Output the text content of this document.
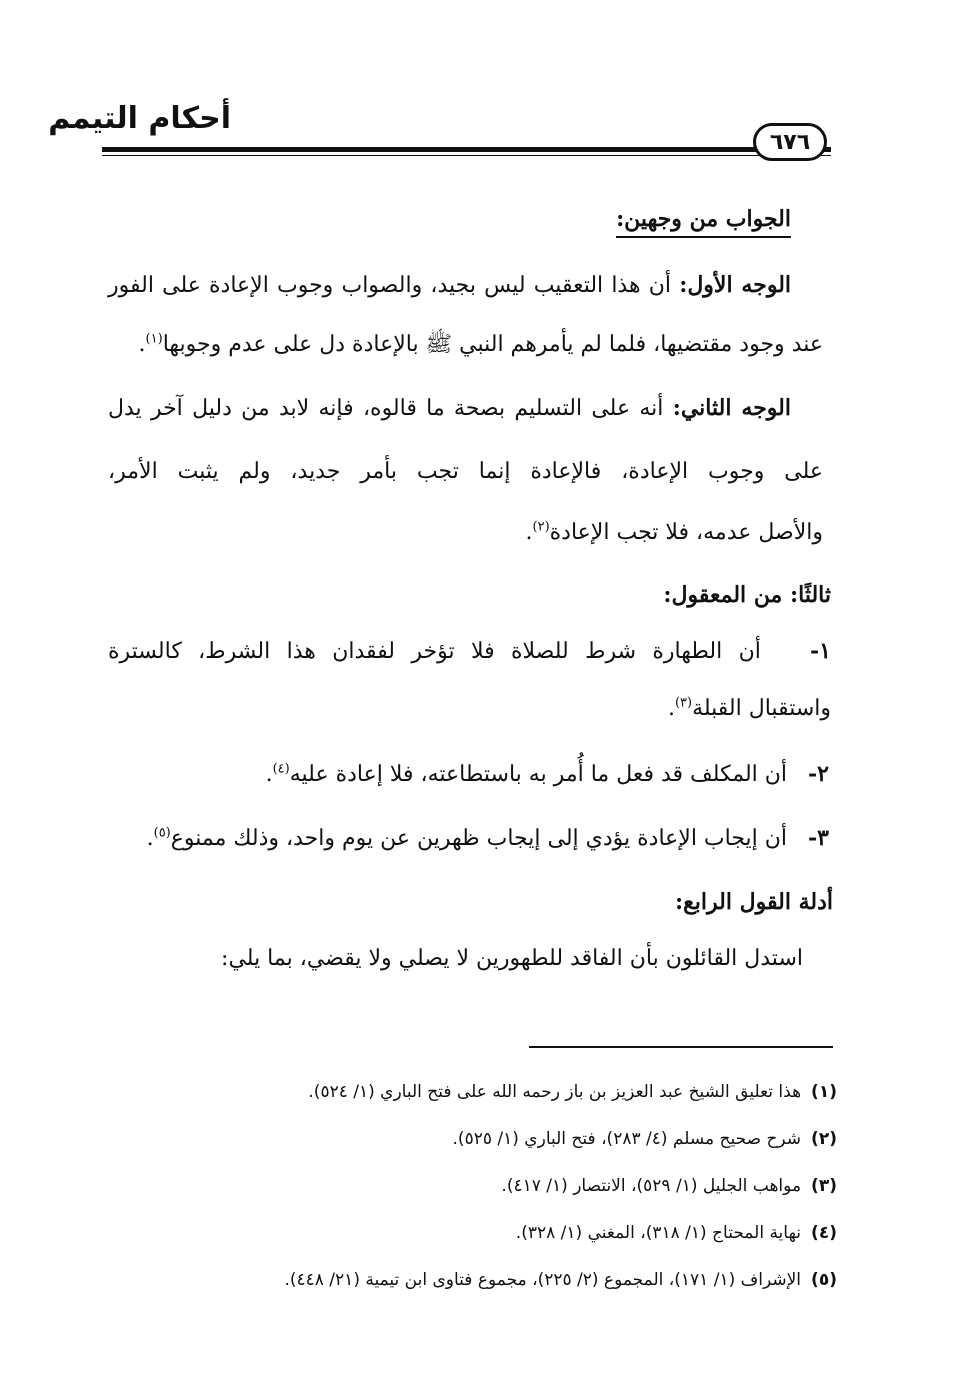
أحكام التيمم
٦٧٦
الجواب من وجهين:
الوجه الأول: أن هذا التعقيب ليس بجيد، والصواب وجوب الإعادة على الفور
عند وجود مقتضيها، فلما لم يأمرهم النبي ﷺ بالإعادة دل على عدم وجوبها$^{(١)}$.
الوجه الثاني: أنه على التسليم بصحة ما قالوه، فإنه لابد من دليل آخر يدل
على وجوب الإعادة، فالإعادة إنما تجب بأمر جديد، ولم يثبت الأمر،
والأصل عدمه، فلا تجب الإعادة$^{(٢)}$.
ثالثًا: من المعقول:
١-   أن الطهارة شرط للصلاة فلا تؤخر لفقدان هذا الشرط، كالسترة
واستقبال القبلة$^{(٣)}$.
٢-   أن المكلف قد فعل ما أُمر به باستطاعته، فلا إعادة عليه$^{(٤)}$.
٣-   أن إيجاب الإعادة يؤدي إلى إيجاب ظهرين عن يوم واحد، وذلك ممنوع$^{(٥)}$.
أدلة القول الرابع:
استدل القائلون بأن الفاقد للطهورين لا يصلي ولا يقضي، بما يلي:
(١)هذا تعليق الشيخ عبد العزيز بن باز رحمه الله على فتح الباري (١/ ٥٢٤).
(٢)شرح صحيح مسلم (٤/ ٢٨٣)، فتح الباري (١/ ٥٢٥).
(٣)مواهب الجليل (١/ ٥٢٩)، الانتصار (١/ ٤١٧).
(٤)نهاية المحتاج (١/ ٣١٨)، المغني (١/ ٣٢٨).
(٥)الإشراف (١/ ١٧١)، المجموع (٢/ ٢٢٥)، مجموع فتاوى ابن تيمية (٢١/ ٤٤٨).
